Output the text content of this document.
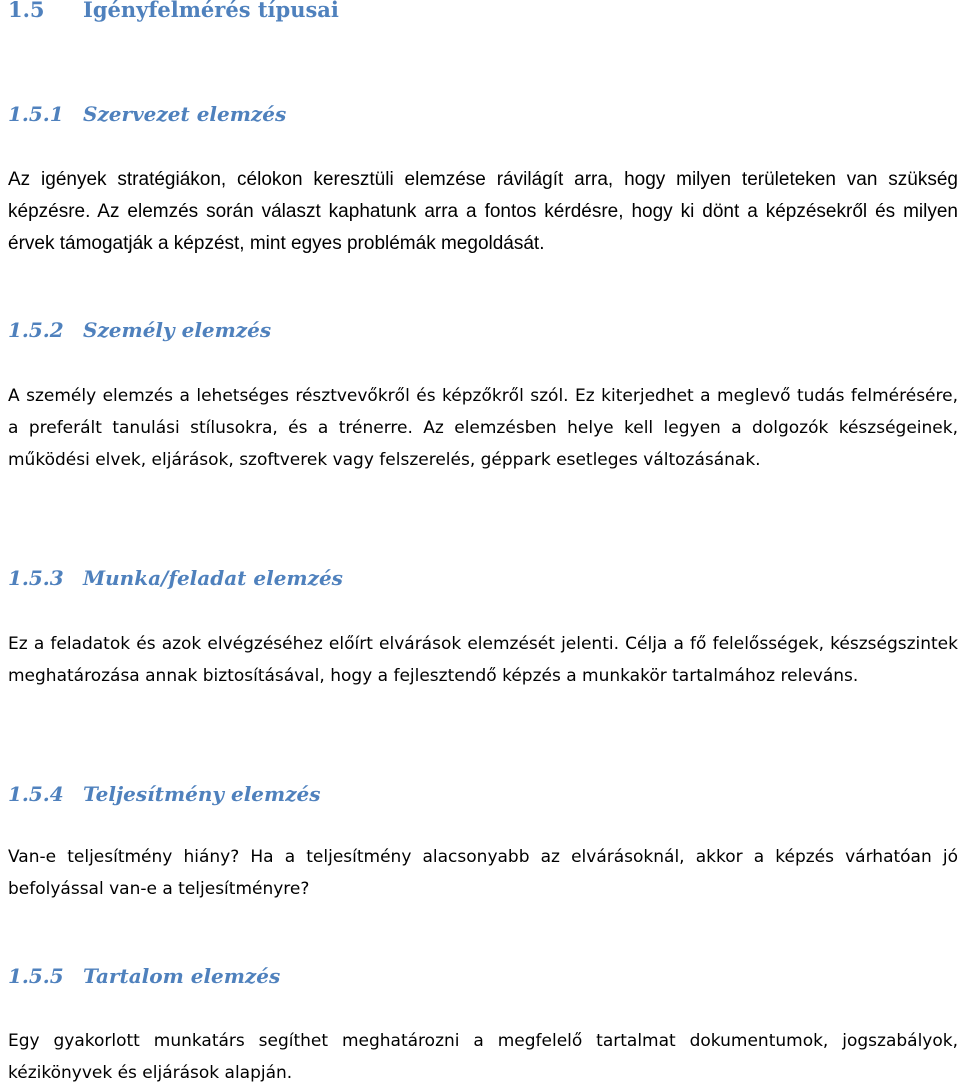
1.5 Igényfelmérés típusai
1.5.1 Szervezet elemzés

Az igények stratégiákon, célokon keresztüli elemzése rávilágít arra, hogy milyen területeken van szükség képzésre. Az elemzés során választ kaphatunk arra a fontos kérdésre, hogy ki dönt a képzésekről és milyen érvek támogatják a képzést, mint egyes problémák megoldását.

1.5.2 Személy elemzés

A személy elemzés a lehetséges résztvevőkről és képzőkről szól. Ez kiterjedhet a meglevő tudás felmérésére, a preferált tanulási stílusokra, és a trénerre. Az elemzésben helye kell legyen a dolgozók készségeinek, működési elvek, eljárások, szoftverek vagy felszerelés, géppark esetleges változásának.

1.5.3 Munka/feladat elemzés

Ez a feladatok és azok elvégzéséhez előírt elvárások elemzését jelenti. Célja a fő felelősségek, készségszintek meghatározása annak biztosításával, hogy a fejlesztendő képzés a munkakör tartalmához releváns.

1.5.4 Teljesítmény elemzés

Van-e teljesítmény hiány? Ha a teljesítmény alacsonyabb az elvárásoknál, akkor a képzés várhatóan jó befolyással van-e a teljesítményre?

1.5.5 Tartalom elemzés

Egy gyakorlott munkatárs segíthet meghatározni a megfelelő tartalmat dokumentumok, jogszabályok, kézikönyvek és eljárások alapján.
